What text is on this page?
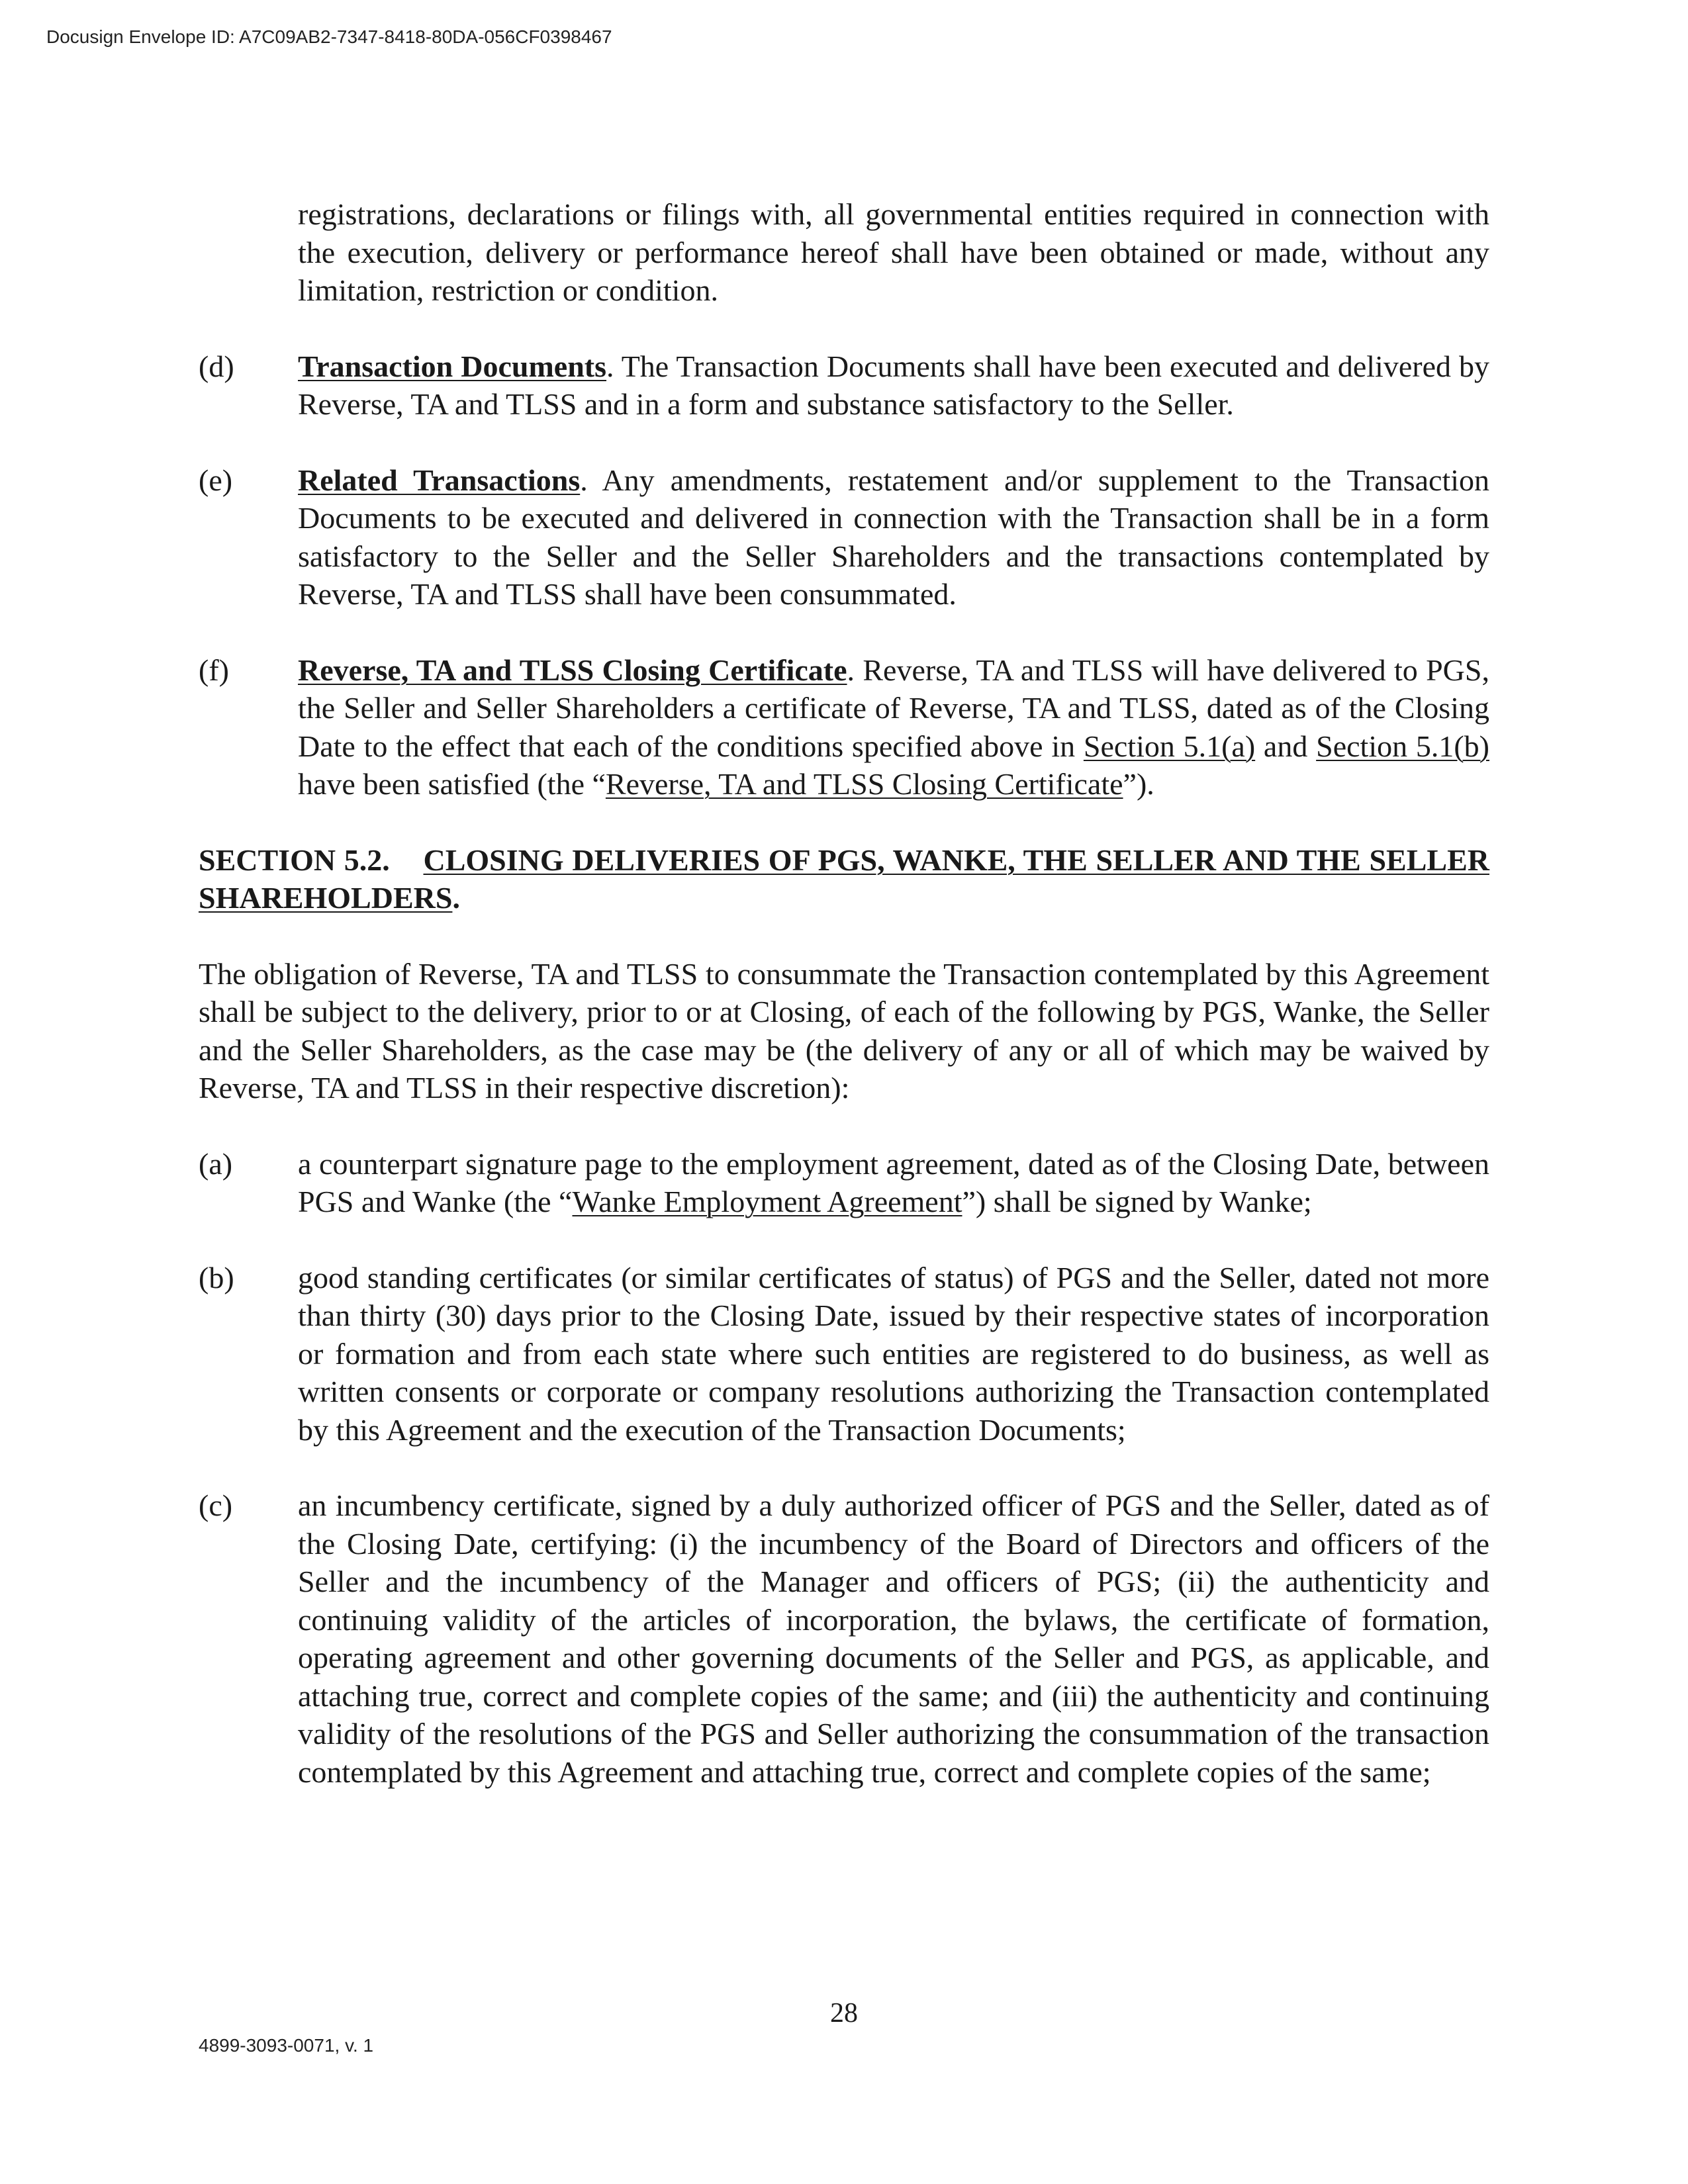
Docusign Envelope ID: A7C09AB2-7347-8418-80DA-056CF0398467

registrations, declarations or filings with, all governmental entities required in connection with the execution, delivery or performance hereof shall have been obtained or made, without any limitation, restriction or condition.

(d)	Transaction Documents. The Transaction Documents shall have been executed and delivered by Reverse, TA and TLSS and in a form and substance satisfactory to the Seller.

(e)	Related Transactions. Any amendments, restatement and/or supplement to the Transaction Documents to be executed and delivered in connection with the Transaction shall be in a form satisfactory to the Seller and the Seller Shareholders and the transactions contemplated by Reverse, TA and TLSS shall have been consummated.

(f)	Reverse, TA and TLSS Closing Certificate. Reverse, TA and TLSS will have delivered to PGS, the Seller and Seller Shareholders a certificate of Reverse, TA and TLSS, dated as of the Closing Date to the effect that each of the conditions specified above in Section 5.1(a) and Section 5.1(b) have been satisfied (the “Reverse, TA and TLSS Closing Certificate”).

SECTION 5.2. CLOSING DELIVERIES OF PGS, WANKE, THE SELLER AND THE SELLER SHAREHOLDERS.

The obligation of Reverse, TA and TLSS to consummate the Transaction contemplated by this Agreement shall be subject to the delivery, prior to or at Closing, of each of the following by PGS, Wanke, the Seller and the Seller Shareholders, as the case may be (the delivery of any or all of which may be waived by Reverse, TA and TLSS in their respective discretion):

(a)	a counterpart signature page to the employment agreement, dated as of the Closing Date, between PGS and Wanke (the “Wanke Employment Agreement”) shall be signed by Wanke;

(b)	good standing certificates (or similar certificates of status) of PGS and the Seller, dated not more than thirty (30) days prior to the Closing Date, issued by their respective states of incorporation or formation and from each state where such entities are registered to do business, as well as written consents or corporate or company resolutions authorizing the Transaction contemplated by this Agreement and the execution of the Transaction Documents;

(c)	an incumbency certificate, signed by a duly authorized officer of PGS and the Seller, dated as of the Closing Date, certifying: (i) the incumbency of the Board of Directors and officers of the Seller and the incumbency of the Manager and officers of PGS; (ii) the authenticity and continuing validity of the articles of incorporation, the bylaws, the certificate of formation, operating agreement and other governing documents of the Seller and PGS, as applicable, and attaching true, correct and complete copies of the same; and (iii) the authenticity and continuing validity of the resolutions of the PGS and Seller authorizing the consummation of the transaction contemplated by this Agreement and attaching true, correct and complete copies of the same;

28

4899-3093-0071, v. 1
